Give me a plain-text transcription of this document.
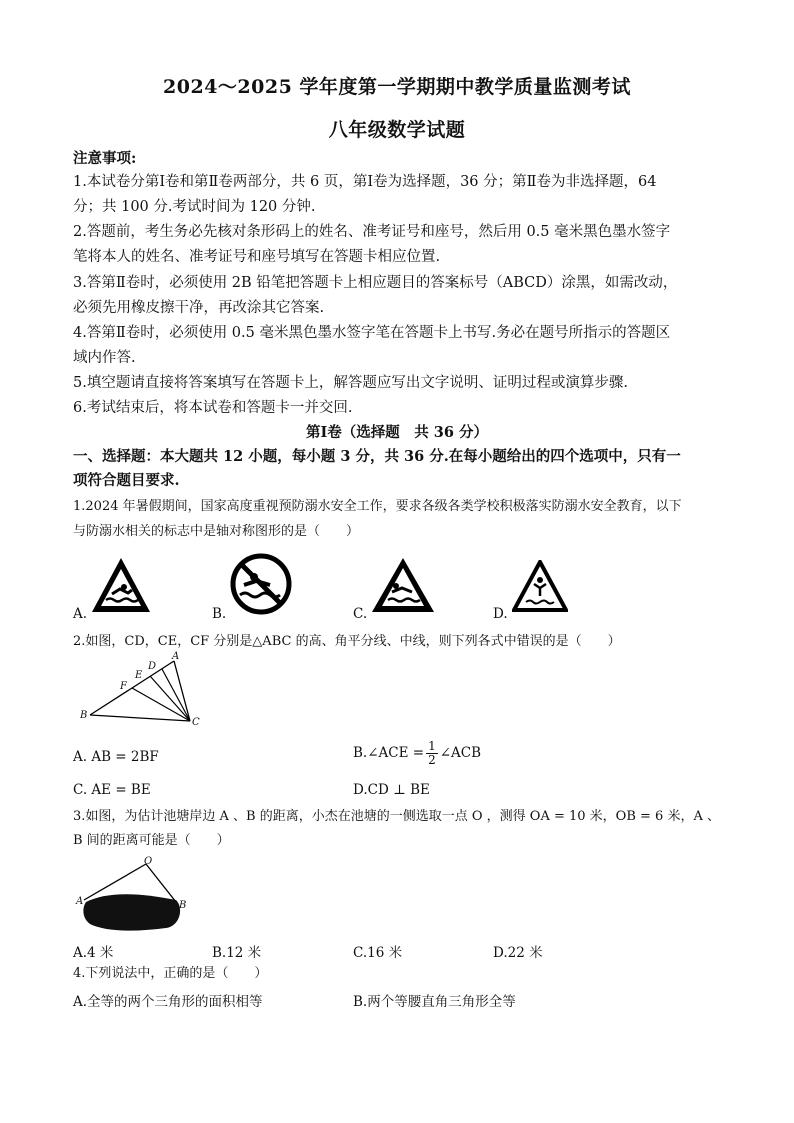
2024～2025 学年度第一学期期中教学质量监测考试
八年级数学试题
注意事项:
1.本试卷分第Ⅰ卷和第Ⅱ卷两部分，共 6 页，第Ⅰ卷为选择题，36 分；第Ⅱ卷为非选择题，64
分；共 100 分.考试时间为 120 分钟.
2.答题前，考生务必先核对条形码上的姓名、准考证号和座号，然后用 0.5 毫米黑色墨水签字
笔将本人的姓名、准考证号和座号填写在答题卡相应位置.
3.答第Ⅱ卷时，必须使用 2B 铅笔把答题卡上相应题目的答案标号（ABCD）涂黑，如需改动，
必须先用橡皮擦干净，再改涂其它答案.
4.答第Ⅱ卷时，必须使用 0.5 毫米黑色墨水签字笔在答题卡上书写.务必在题号所指示的答题区
域内作答.
5.填空题请直接将答案填写在答题卡上，解答题应写出文字说明、证明过程或演算步骤.
6.考试结束后，将本试卷和答题卡一并交回.
第Ⅰ卷（选择题　共 36 分）
一、选择题：本大题共 12 小题，每小题 3 分，共 36 分.在每小题给出的四个选项中，只有一
项符合题目要求.
1.2024 年暑假期间，国家高度重视预防溺水安全工作，要求各级各类学校积极落实防溺水安全教育，以下
与防溺水相关的标志中是轴对称图形的是（　　）
A.	B.	C.	D.
2.如图，CD，CE，CF 分别是△ABC 的高、角平分线、中线，则下列各式中错误的是（　　）
A
D
E
F
B
C
A. AB = 2BF	B.∠ACE = $\frac{1}{2}$ ∠ACB
C. AE = BE	D.CD ⊥ BE
3.如图，为估计池塘岸边 A 、B 的距离，小杰在池塘的一侧选取一点 O ，测得 OA = 10 米，OB = 6 米，A 、
B 间的距离可能是（　　）
O
A	B
A.4 米	B.12 米	C.16 米	D.22 米
4.下列说法中，正确的是（　　）
A.全等的两个三角形的面积相等	B.两个等腰直角三角形全等
